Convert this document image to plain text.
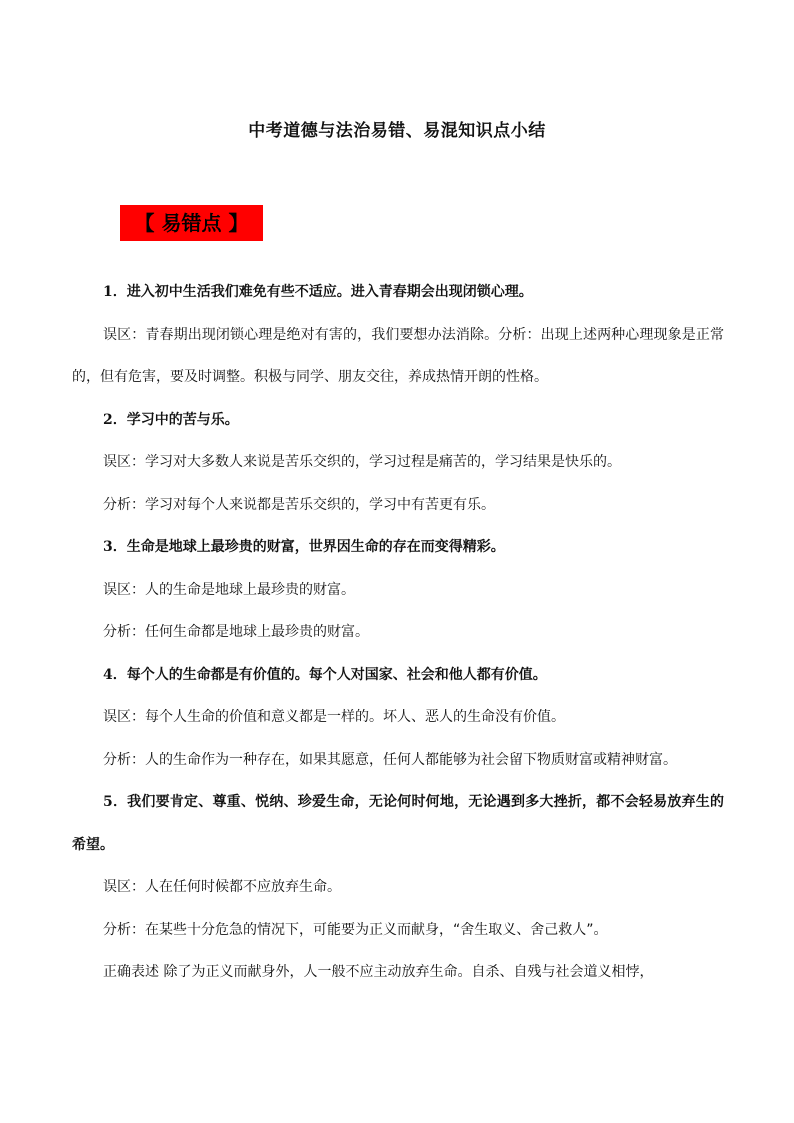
中考道德与法治易错、易混知识点小结
【 易错点 】

1．进入初中生活我们难免有些不适应。进入青春期会出现闭锁心理。

误区：青春期出现闭锁心理是绝对有害的，我们要想办法消除。分析：出现上述两种心理现象是正常的，但有危害，要及时调整。积极与同学、朋友交往，养成热情开朗的性格。

2．学习中的苦与乐。

误区：学习对大多数人来说是苦乐交织的，学习过程是痛苦的，学习结果是快乐的。

分析：学习对每个人来说都是苦乐交织的，学习中有苦更有乐。

3．生命是地球上最珍贵的财富，世界因生命的存在而变得精彩。

误区：人的生命是地球上最珍贵的财富。

分析：任何生命都是地球上最珍贵的财富。

4．每个人的生命都是有价值的。每个人对国家、社会和他人都有价值。

误区：每个人生命的价值和意义都是一样的。坏人、恶人的生命没有价值。

分析：人的生命作为一种存在，如果其愿意，任何人都能够为社会留下物质财富或精神财富。

5．我们要肯定、尊重、悦纳、珍爱生命，无论何时何地，无论遇到多大挫折，都不会轻易放弃生的希望。

误区：人在任何时候都不应放弃生命。

分析：在某些十分危急的情况下，可能要为正义而献身，“舍生取义、舍己救人”。

正确表述 除了为正义而献身外，人一般不应主动放弃生命。自杀、自残与社会道义相悖，
